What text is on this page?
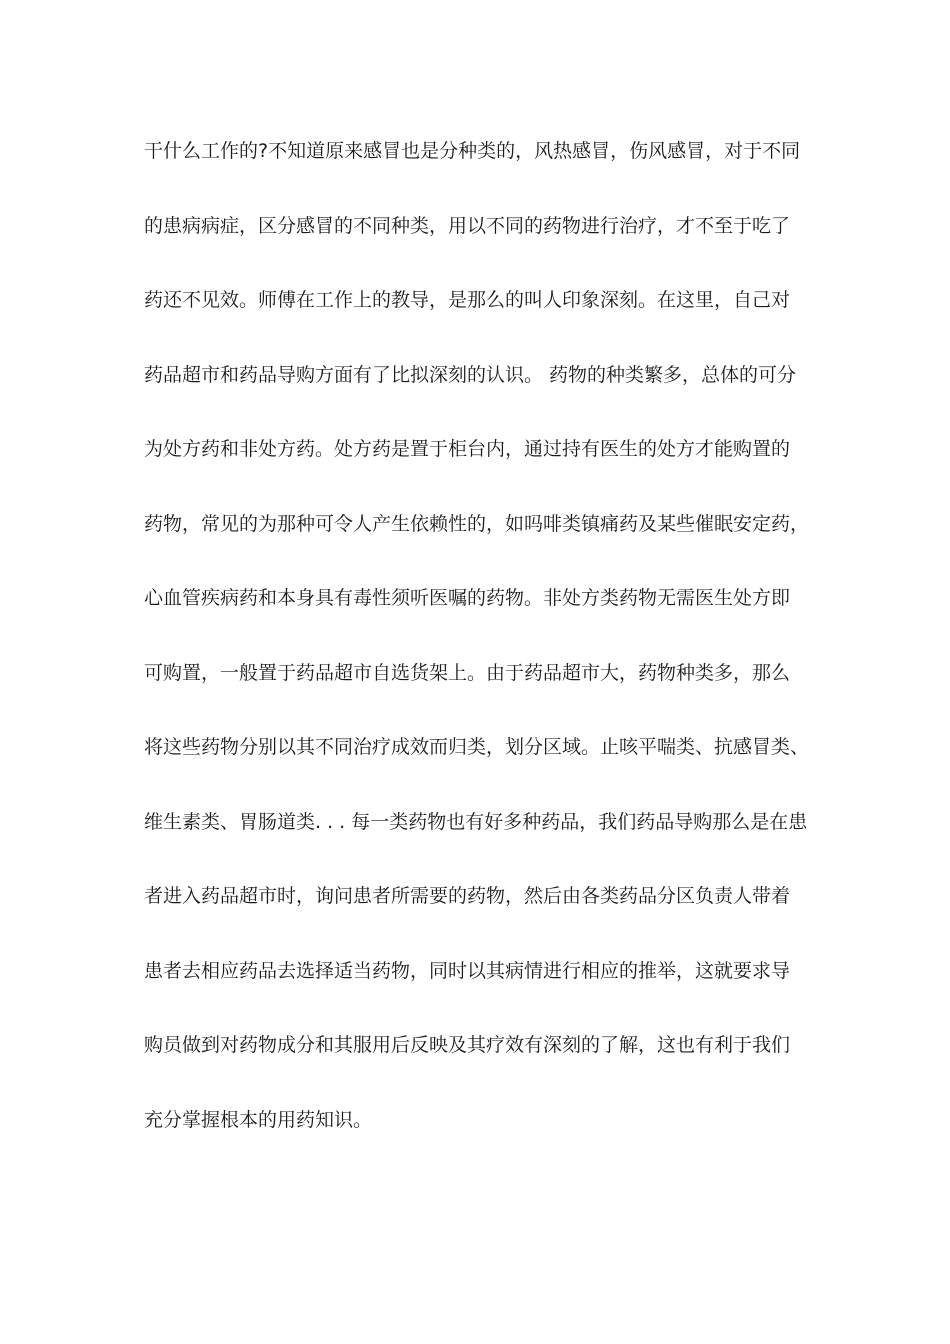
干什么工作的?不知道原来感冒也是分种类的，风热感冒，伤风感冒，对于不同
的患病病症，区分感冒的不同种类，用以不同的药物进行治疗，才不至于吃了
药还不见效。师傅在工作上的教导，是那么的叫人印象深刻。在这里，自己对
药品超市和药品导购方面有了比拟深刻的认识。 药物的种类繁多，总体的可分
为处方药和非处方药。处方药是置于柜台内，通过持有医生的处方才能购置的
药物，常见的为那种可令人产生依赖性的，如吗啡类镇痛药及某些催眠安定药，
心血管疾病药和本身具有毒性须听医嘱的药物。非处方类药物无需医生处方即
可购置，一般置于药品超市自选货架上。由于药品超市大，药物种类多，那么
将这些药物分别以其不同治疗成效而归类，划分区域。止咳平喘类、抗感冒类、
维生素类、胃肠道类. . . 每一类药物也有好多种药品，我们药品导购那么是在患
者进入药品超市时，询问患者所需要的药物，然后由各类药品分区负责人带着
患者去相应药品去选择适当药物，同时以其病情进行相应的推举，这就要求导
购员做到对药物成分和其服用后反映及其疗效有深刻的了解，这也有利于我们
充分掌握根本的用药知识。
